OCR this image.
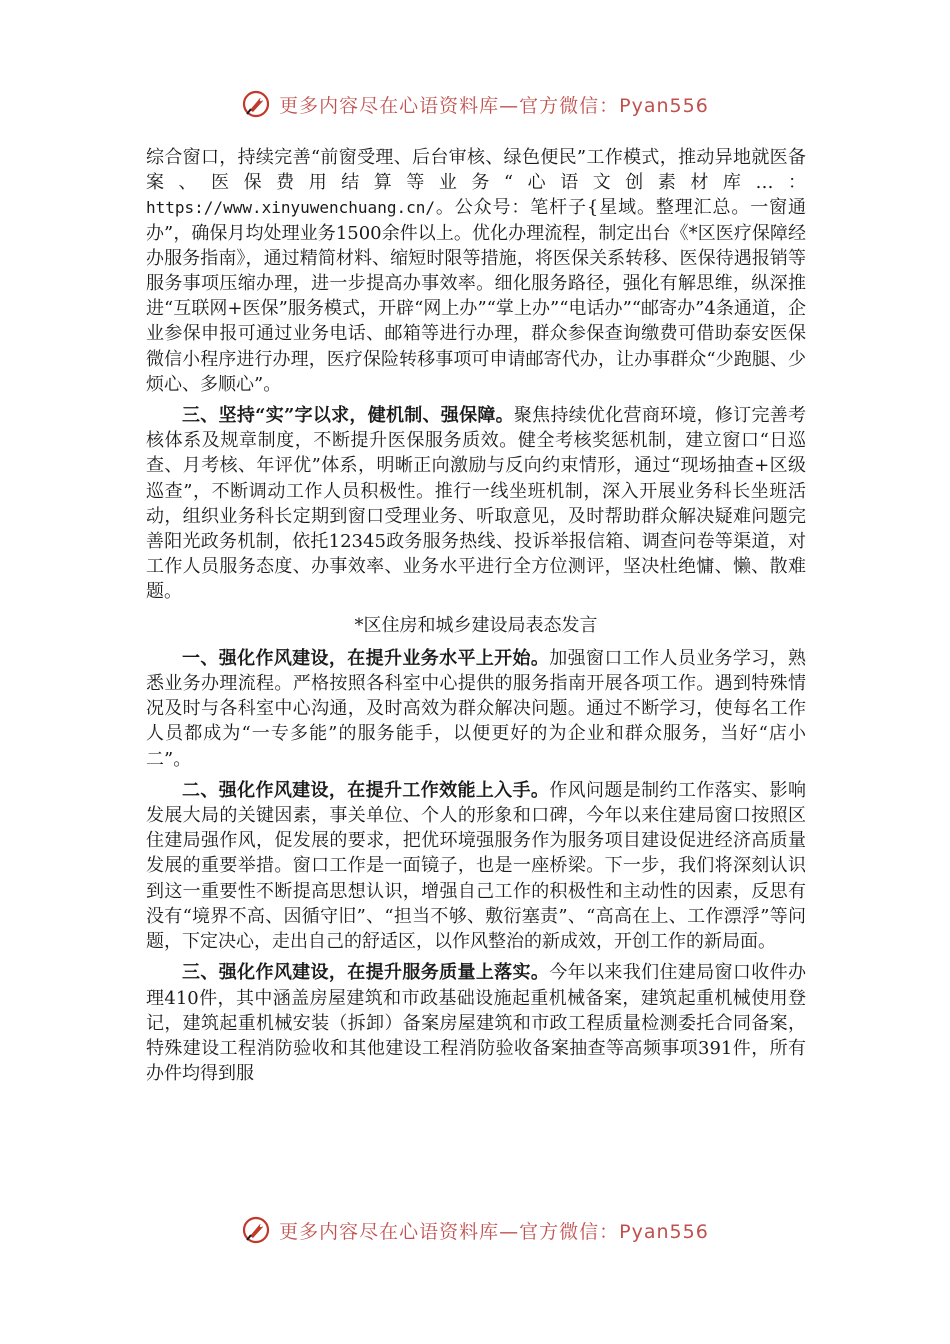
更多内容尽在心语资料库—官方微信：Pyan556

综合窗口，持续完善“前窗受理、后台审核、绿色便民”工作模式，推动异地就医备案、医保费用结算等业务“心语文创素材库…：https://www.xinyuwenchuang.cn/。公众号：笔杆子{星域。整理汇总。一窗通办”，确保月均处理业务1500余件以上。优化办理流程，制定出台《*区医疗保障经办服务指南》，通过精简材料、缩短时限等措施，将医保关系转移、医保待遇报销等服务事项压缩办理，进一步提高办事效率。细化服务路径，强化有解思维，纵深推进“互联网+医保”服务模式，开辟“网上办”“掌上办”“电话办”“邮寄办”4条通道，企业参保申报可通过业务电话、邮箱等进行办理，群众参保查询缴费可借助泰安医保微信小程序进行办理，医疗保险转移事项可申请邮寄代办，让办事群众“少跑腿、少烦心、多顺心”。

三、坚持“实”字以求，健机制、强保障。聚焦持续优化营商环境，修订完善考核体系及规章制度，不断提升医保服务质效。健全考核奖惩机制，建立窗口“日巡查、月考核、年评优”体系，明晰正向激励与反向约束情形，通过“现场抽查+区级巡查”，不断调动工作人员积极性。推行一线坐班机制，深入开展业务科长坐班活动，组织业务科长定期到窗口受理业务、听取意见，及时帮助群众解决疑难问题完善阳光政务机制，依托12345政务服务热线、投诉举报信箱、调查问卷等渠道，对工作人员服务态度、办事效率、业务水平进行全方位测评，坚决杜绝慵、懒、散难题。

*区住房和城乡建设局表态发言

一、强化作风建设，在提升业务水平上开始。加强窗口工作人员业务学习，熟悉业务办理流程。严格按照各科室中心提供的服务指南开展各项工作。遇到特殊情况及时与各科室中心沟通，及时高效为群众解决问题。通过不断学习，使每名工作人员都成为“一专多能”的服务能手，以便更好的为企业和群众服务，当好“店小二”。

二、强化作风建设，在提升工作效能上入手。作风问题是制约工作落实、影响发展大局的关键因素，事关单位、个人的形象和口碑，今年以来住建局窗口按照区住建局强作风，促发展的要求，把优环境强服务作为服务项目建设促进经济高质量发展的重要举措。窗口工作是一面镜子，也是一座桥梁。下一步，我们将深刻认识到这一重要性不断提高思想认识，增强自己工作的积极性和主动性的因素，反思有没有“境界不高、因循守旧”、“担当不够、敷衍塞责”、“高高在上、工作漂浮”等问题，下定决心，走出自己的舒适区，以作风整治的新成效，开创工作的新局面。

三、强化作风建设，在提升服务质量上落实。今年以来我们住建局窗口收件办理410件，其中涵盖房屋建筑和市政基础设施起重机械备案，建筑起重机械使用登记，建筑起重机械安装（拆卸）备案房屋建筑和市政工程质量检测委托合同备案，特殊建设工程消防验收和其他建设工程消防验收备案抽查等高频事项391件，所有办件均得到服

更多内容尽在心语资料库—官方微信：Pyan556
